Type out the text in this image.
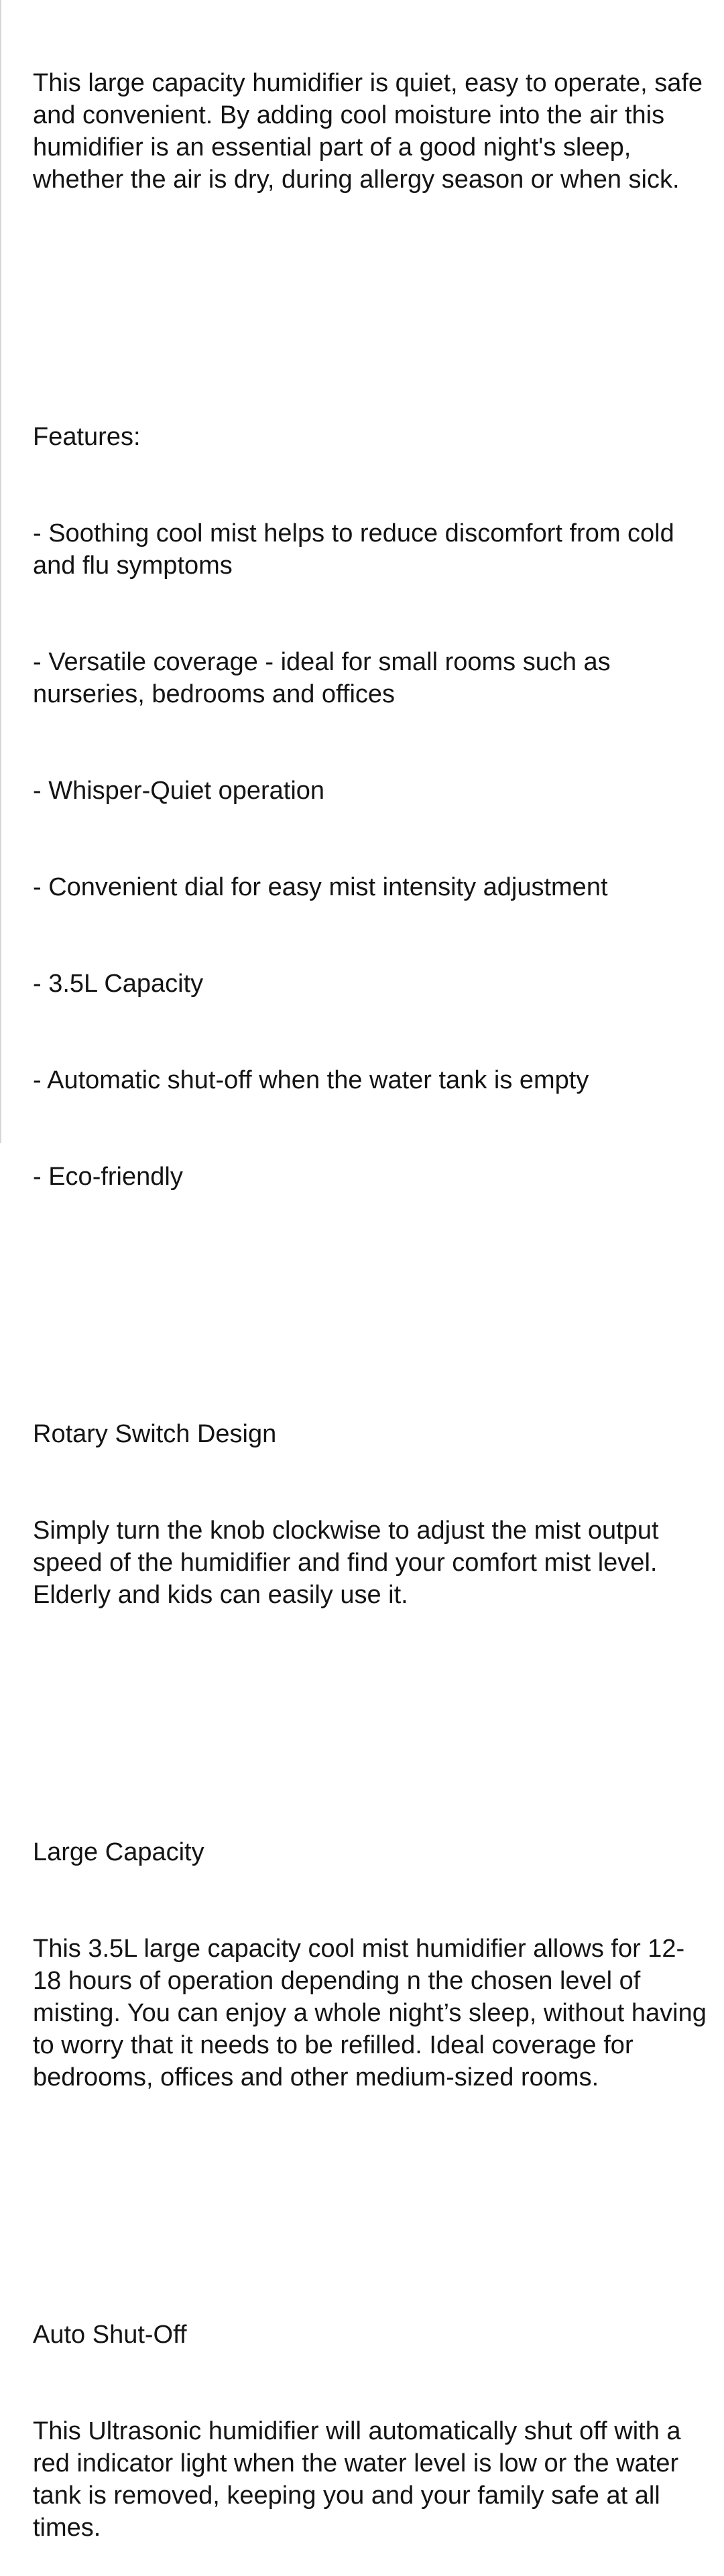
This large capacity humidifier is quiet, easy to operate, safe and convenient. By adding cool moisture into the air this humidifier is an essential part of a good night's sleep, whether the air is dry, during allergy season or when sick.

Features:

- Soothing cool mist helps to reduce discomfort from cold and flu symptoms

- Versatile coverage - ideal for small rooms such as nurseries, bedrooms and offices

- Whisper-Quiet operation

- Convenient dial for easy mist intensity adjustment

- 3.5L Capacity

- Automatic shut-off when the water tank is empty

- Eco-friendly

Rotary Switch Design

Simply turn the knob clockwise to adjust the mist output speed of the humidifier and find your comfort mist level. Elderly and kids can easily use it.

Large Capacity

This 3.5L large capacity cool mist humidifier allows for 12-18 hours of operation depending n the chosen level of misting. You can enjoy a whole night’s sleep, without having to worry that it needs to be refilled. Ideal coverage for bedrooms, offices and other medium-sized rooms.

Auto Shut-Off

This Ultrasonic humidifier will automatically shut off with a red indicator light when the water level is low or the water tank is removed, keeping you and your family safe at all times.
